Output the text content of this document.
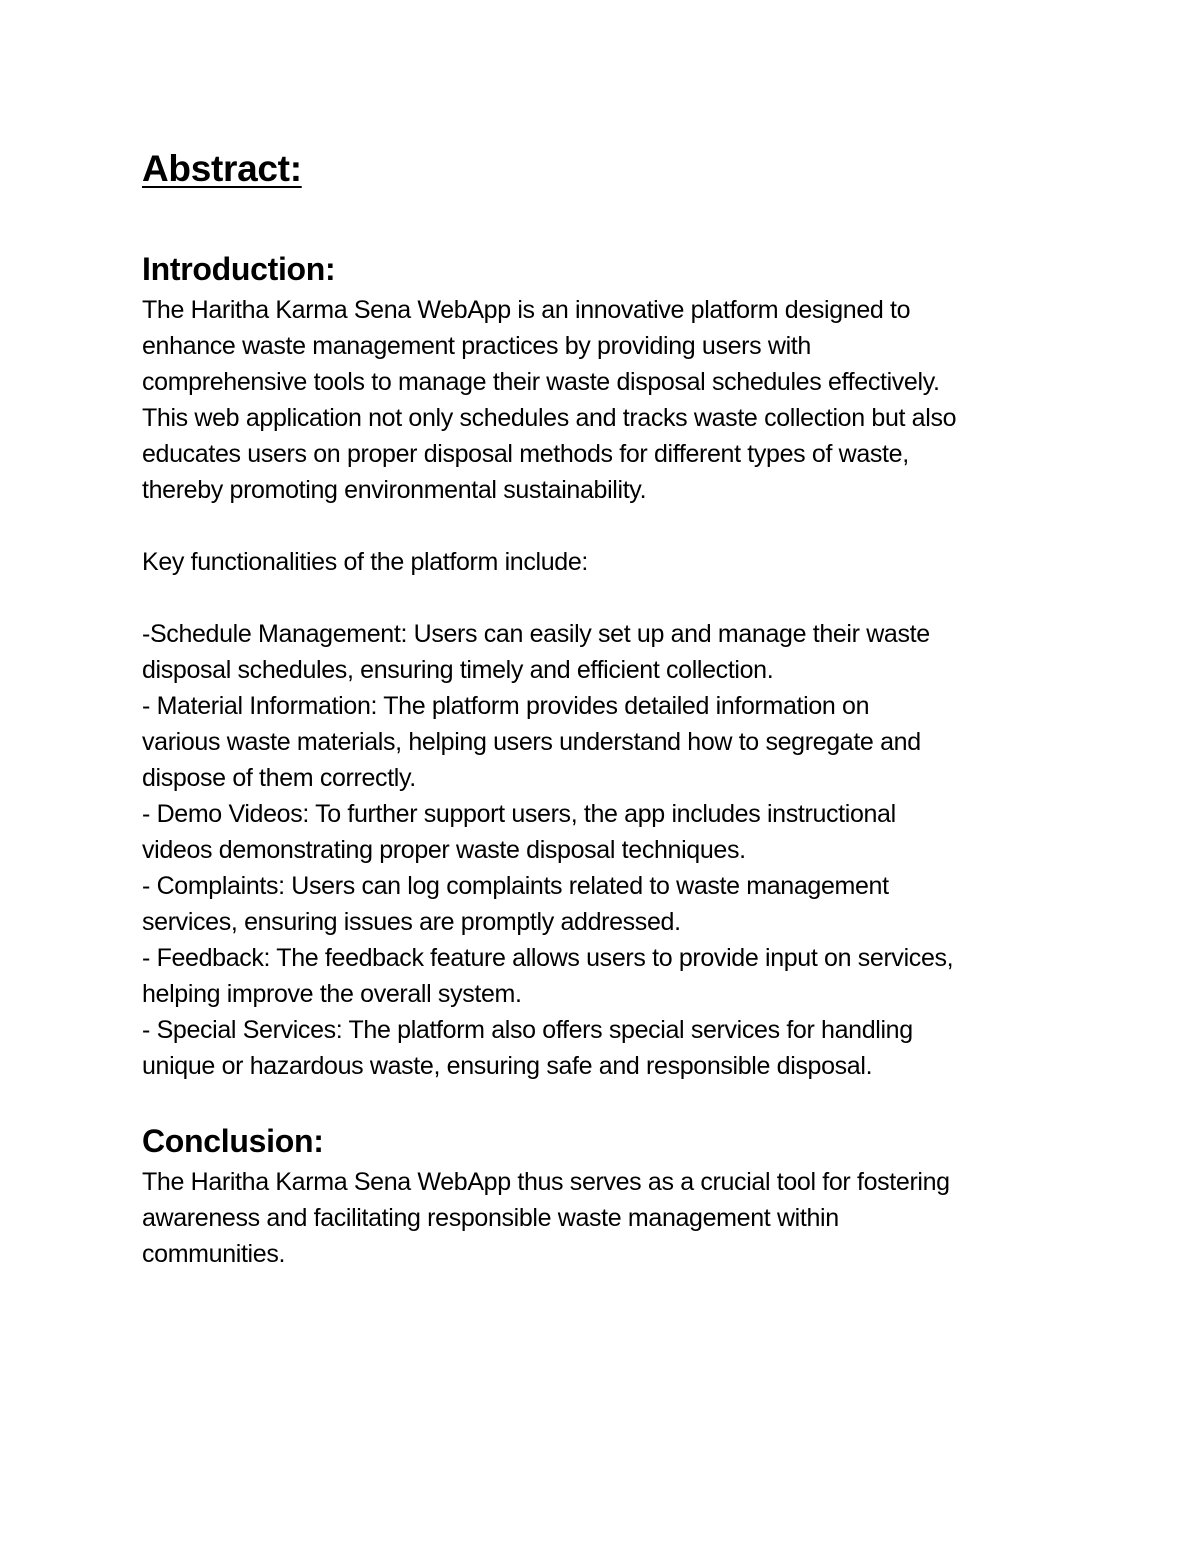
Abstract:
Introduction:

The Haritha Karma Sena WebApp is an innovative platform designed to
enhance waste management practices by providing users with
comprehensive tools to manage their waste disposal schedules effectively.
This web application not only schedules and tracks waste collection but also
educates users on proper disposal methods for different types of waste,
thereby promoting environmental sustainability.

Key functionalities of the platform include:

-Schedule Management: Users can easily set up and manage their waste
disposal schedules, ensuring timely and efficient collection.
- Material Information: The platform provides detailed information on
various waste materials, helping users understand how to segregate and
dispose of them correctly.
- Demo Videos: To further support users, the app includes instructional
videos demonstrating proper waste disposal techniques.
- Complaints: Users can log complaints related to waste management
services, ensuring issues are promptly addressed.
- Feedback: The feedback feature allows users to provide input on services,
helping improve the overall system.
- Special Services: The platform also offers special services for handling
unique or hazardous waste, ensuring safe and responsible disposal.

Conclusion:

The Haritha Karma Sena WebApp thus serves as a crucial tool for fostering
awareness and facilitating responsible waste management within
communities.
